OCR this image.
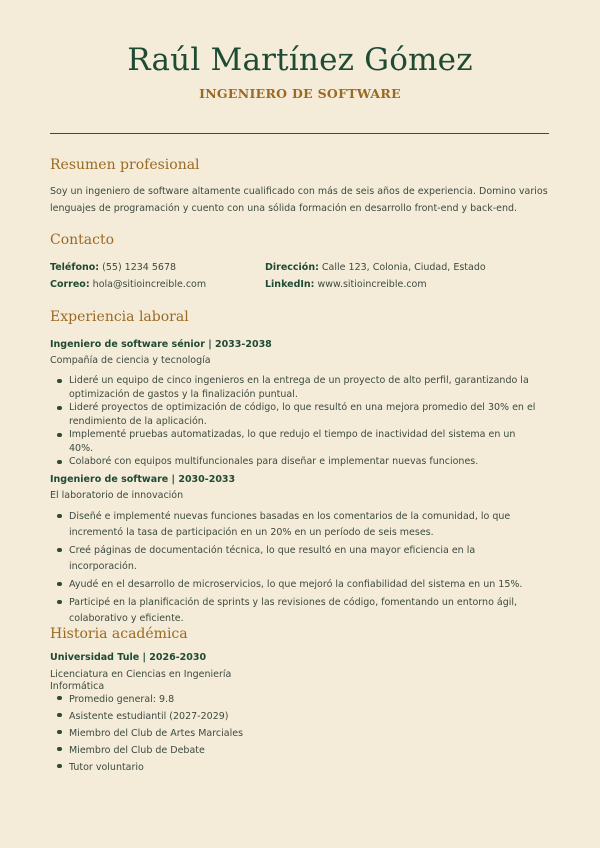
Raúl Martínez Gómez
INGENIERO DE SOFTWARE
Resumen profesional
Soy un ingeniero de software altamente cualificado con más de seis años de experiencia. Domino varios lenguajes de programación y cuento con una sólida formación en desarrollo front-end y back-end.
Contacto
Teléfono: (55) 1234 5678	Dirección: Calle 123, Colonia, Ciudad, Estado
Correo: hola@sitioincreible.com	LinkedIn: www.sitioincreible.com
Experiencia laboral
Ingeniero de software sénior | 2033-2038
Compañía de ciencia y tecnología
Lideré un equipo de cinco ingenieros en la entrega de un proyecto de alto perfil, garantizando la optimización de gastos y la finalización puntual.
Lideré proyectos de optimización de código, lo que resultó en una mejora promedio del 30% en el rendimiento de la aplicación.
Implementé pruebas automatizadas, lo que redujo el tiempo de inactividad del sistema en un 40%.
Colaboré con equipos multifuncionales para diseñar e implementar nuevas funciones.
Ingeniero de software | 2030-2033
El laboratorio de innovación
Diseñé e implementé nuevas funciones basadas en los comentarios de la comunidad, lo que incrementó la tasa de participación en un 20% en un período de seis meses.
Creé páginas de documentación técnica, lo que resultó en una mayor eficiencia en la incorporación.
Ayudé en el desarrollo de microservicios, lo que mejoró la confiabilidad del sistema en un 15%.
Participé en la planificación de sprints y las revisiones de código, fomentando un entorno ágil, colaborativo y eficiente.
Historia académica
Universidad Tule | 2026-2030
Licenciatura en Ciencias en Ingeniería
Informática
Promedio general: 9.8
Asistente estudiantil (2027-2029)
Miembro del Club de Artes Marciales
Miembro del Club de Debate
Tutor voluntario
